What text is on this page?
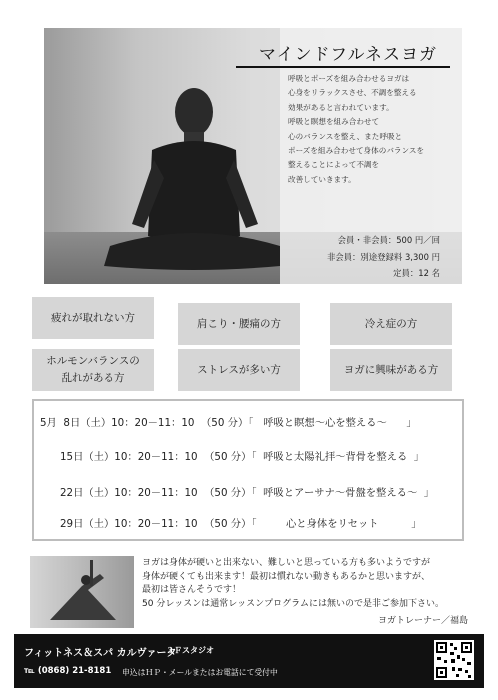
マインドフルネスヨガ
呼吸とポーズを組み合わせるヨガは
心身をリラックスさせ、不調を整える
効果があると言われています。
呼吸と瞑想を組み合わせて
心のバランスを整え、また呼吸と
ポーズを組み合わせて身体のバランスを
整えることによって不調を
改善していきます。
会員・非会員：500 円／回
非会員：別途登録料 3,300 円
定員：12 名
疲れが取れない方	肩こり・腰痛の方	冷え症の方
ホルモンバランスの
乱れがある方
ストレスが多い方	ヨガに興味がある方
5月  8日（土）10：20－11：10  （50 分）「   呼吸と瞑想～心を整える～      」
15日（土）10：20－11：10  （50 分）「  呼吸と太陽礼拝～背骨を整える  」
22日（土）10：20－11：10  （50 分）「  呼吸とアーサナ～骨盤を整える～  」
29日（土）10：20－11：10  （50 分）「         心と身体をリセット          」
ヨガは身体が硬いと出来ない、難しいと思っている方も多いようですが
身体が硬くても出来ます！最初は慣れない動きもあるかと思いますが、
最初は皆さんそうです！
50 分レッスンは通常レッスンプログラムには無いので是非ご参加下さい。
ヨガトレーナー／福島
フィットネス＆スパ カルヴァータ
３Ｆスタジオ
℡ (0868) 21-8181 申込はＨＰ・メールまたはお電話にて受付中
